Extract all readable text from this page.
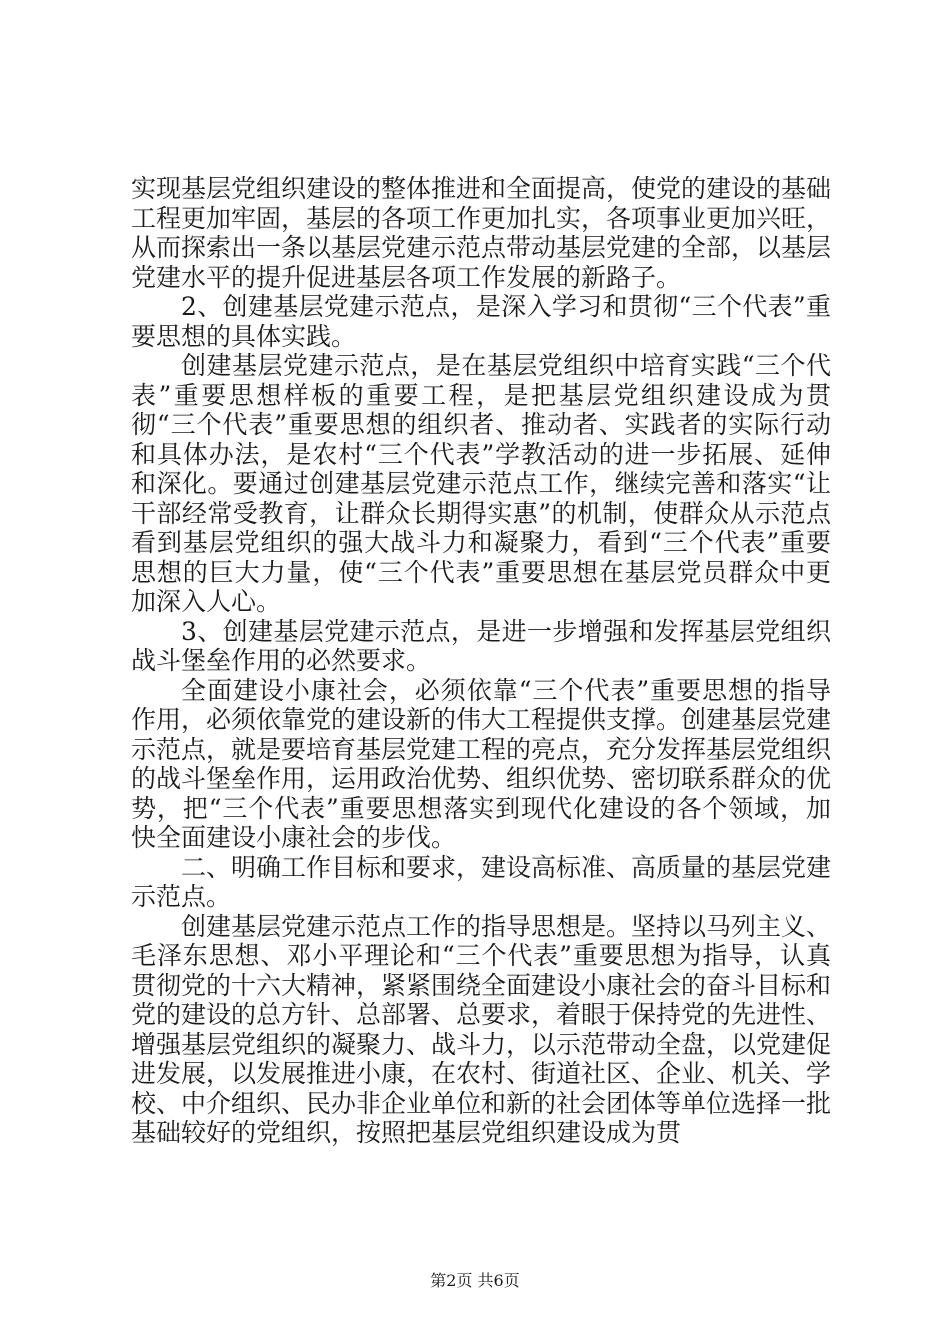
实现基层党组织建设的整体推进和全面提高，使党的建设的基础工程更加牢固，基层的各项工作更加扎实，各项事业更加兴旺，从而探索出一条以基层党建示范点带动基层党建的全部，以基层党建水平的提升促进基层各项工作发展的新路子。

2、创建基层党建示范点，是深入学习和贯彻“三个代表”重要思想的具体实践。

创建基层党建示范点，是在基层党组织中培育实践“三个代表”重要思想样板的重要工程，是把基层党组织建设成为贯彻“三个代表”重要思想的组织者、推动者、实践者的实际行动和具体办法，是农村“三个代表”学教活动的进一步拓展、延伸和深化。要通过创建基层党建示范点工作，继续完善和落实“让干部经常受教育，让群众长期得实惠”的机制，使群众从示范点看到基层党组织的强大战斗力和凝聚力，看到“三个代表”重要思想的巨大力量，使“三个代表”重要思想在基层党员群众中更加深入人心。

3、创建基层党建示范点，是进一步增强和发挥基层党组织战斗堡垒作用的必然要求。

全面建设小康社会，必须依靠“三个代表”重要思想的指导作用，必须依靠党的建设新的伟大工程提供支撑。创建基层党建示范点，就是要培育基层党建工程的亮点，充分发挥基层党组织的战斗堡垒作用，运用政治优势、组织优势、密切联系群众的优势，把“三个代表”重要思想落实到现代化建设的各个领域，加快全面建设小康社会的步伐。

二、明确工作目标和要求，建设高标准、高质量的基层党建示范点。

创建基层党建示范点工作的指导思想是。坚持以马列主义、毛泽东思想、邓小平理论和“三个代表”重要思想为指导，认真贯彻党的十六大精神，紧紧围绕全面建设小康社会的奋斗目标和党的建设的总方针、总部署、总要求，着眼于保持党的先进性、增强基层党组织的凝聚力、战斗力，以示范带动全盘，以党建促进发展，以发展推进小康，在农村、街道社区、企业、机关、学校、中介组织、民办非企业单位和新的社会团体等单位选择一批基础较好的党组织，按照把基层党组织建设成为贯

第2页 共6页
